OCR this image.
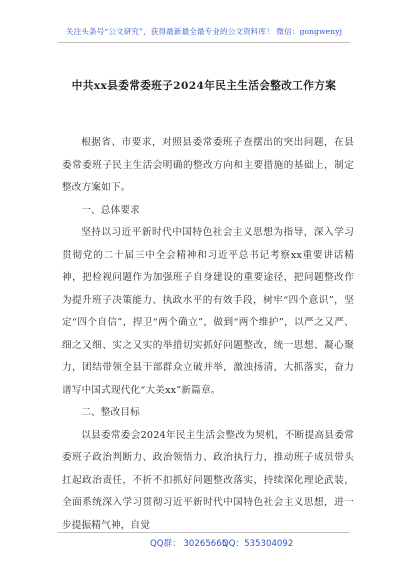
关注头条号“公文研究”，获得最新最全最专业的公文资料库！ 微信：gongwenyj
中共xx县委常委班子2024年民主生活会整改工作方案

根据省、市要求，对照县委常委班子查摆出的突出问题，在县委常委班子民主生活会明确的整改方向和主要措施的基础上，制定整改方案如下。

一、总体要求

坚持以习近平新时代中国特色社会主义思想为指导，深入学习贯彻党的二十届三中全会精神和习近平总书记考察xx重要讲话精神，把检视问题作为加强班子自身建设的重要途径，把问题整改作为提升班子决策能力、执政水平的有效手段，树牢“四个意识”，坚定“四个自信”，捍卫“两个确立”，做到“两个维护”，以严之又严、细之又细、实之又实的举措切实抓好问题整改，统一思想、凝心聚力，团结带领全县干部群众立破并举，激浊扬清，大抓落实，奋力谱写中国式现代化“大美xx”新篇章。

二、整改目标

以县委常委会2024年民主生活会整改为契机，不断提高县委常委班子政治判断力、政治领悟力、政治执行力，推动班子成员带头扛起政治责任，不折不扣抓好问题整改落实，持续深化理论武装，全面系统深入学习贯彻习近平新时代中国特色社会主义思想，进一步提振精气神，自觉

QQ群： 30265665
QQ：535304092
